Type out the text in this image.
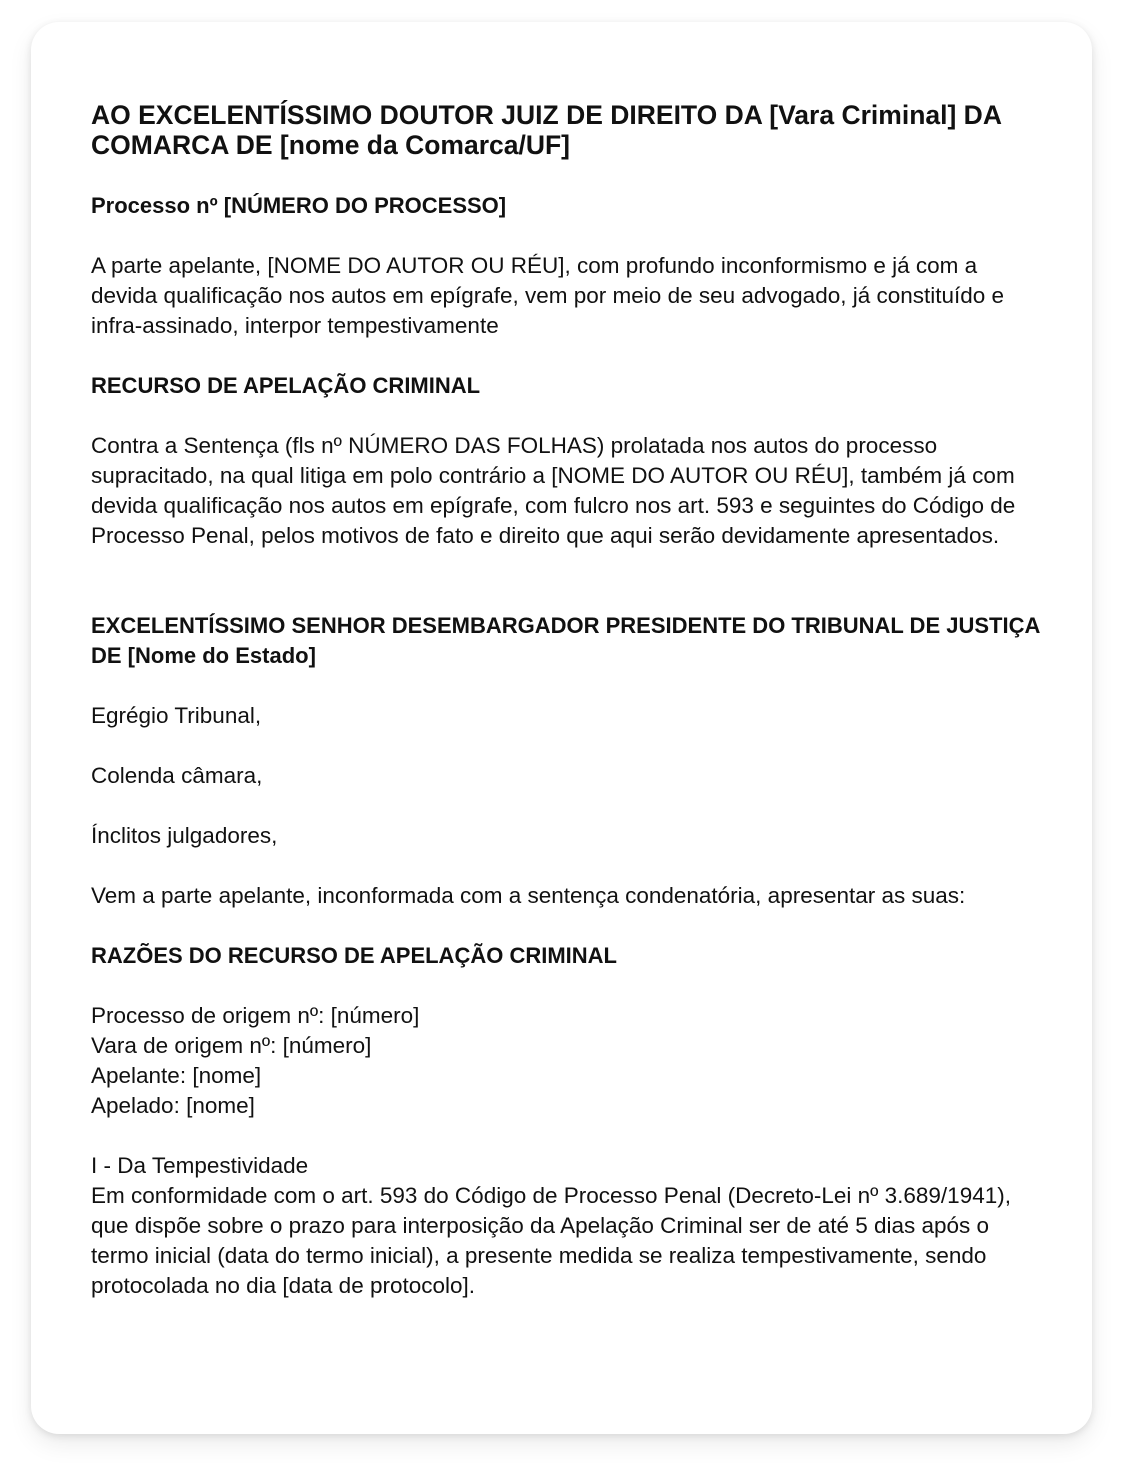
AO EXCELENTÍSSIMO DOUTOR JUIZ DE DIREITO DA [Vara Criminal] DA COMARCA DE [nome da Comarca/UF]

Processo nº [NÚMERO DO PROCESSO]

A parte apelante, [NOME DO AUTOR OU RÉU], com profundo inconformismo e já com a devida qualificação nos autos em epígrafe, vem por meio de seu advogado, já constituído e infra-assinado, interpor tempestivamente

RECURSO DE APELAÇÃO CRIMINAL

Contra a Sentença (fls nº NÚMERO DAS FOLHAS) prolatada nos autos do processo supracitado, na qual litiga em polo contrário a [NOME DO AUTOR OU RÉU], também já com devida qualificação nos autos em epígrafe, com fulcro nos art. 593 e seguintes do Código de Processo Penal, pelos motivos de fato e direito que aqui serão devidamente apresentados.

EXCELENTÍSSIMO SENHOR DESEMBARGADOR PRESIDENTE DO TRIBUNAL DE JUSTIÇA DE [Nome do Estado]

Egrégio Tribunal,

Colenda câmara,

Ínclitos julgadores,

Vem a parte apelante, inconformada com a sentença condenatória, apresentar as suas:

RAZÕES DO RECURSO DE APELAÇÃO CRIMINAL

Processo de origem nº: [número]

Vara de origem nº: [número]

Apelante: [nome]

Apelado: [nome]

I - Da Tempestividade

Em conformidade com o art. 593 do Código de Processo Penal (Decreto-Lei nº 3.689/1941), que dispõe sobre o prazo para interposição da Apelação Criminal ser de até 5 dias após o termo inicial (data do termo inicial), a presente medida se realiza tempestivamente, sendo protocolada no dia [data de protocolo].
